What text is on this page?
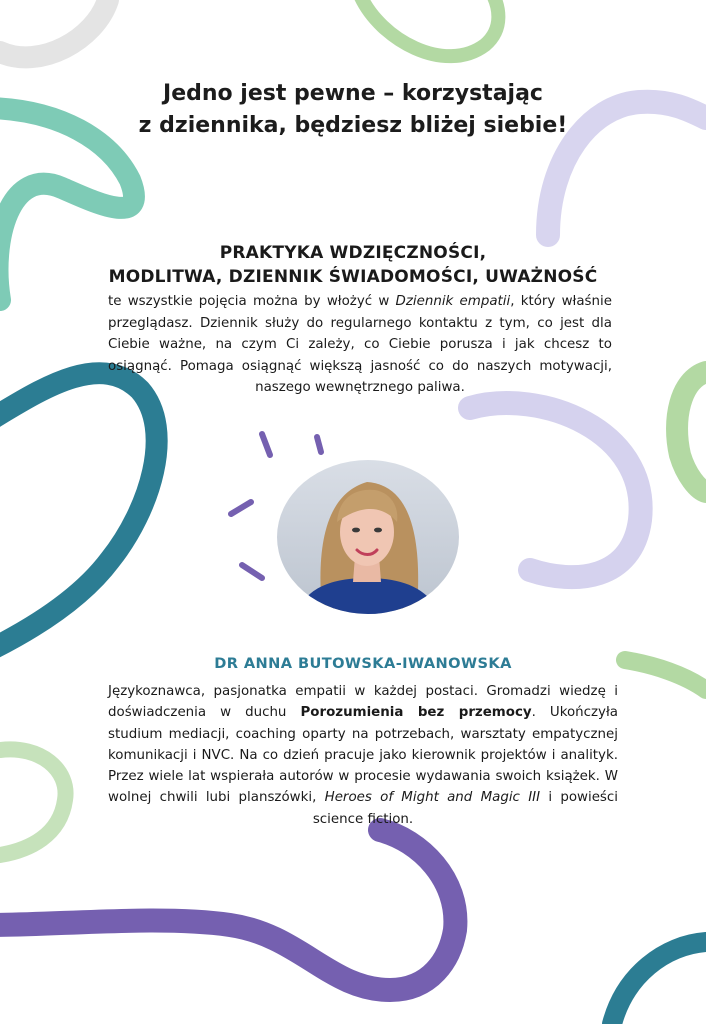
Jedno jest pewne – korzystając
z dziennika, będziesz bliżej siebie!
PRAKTYKA WDZIĘCZNOŚCI,
MODLITWA, DZIENNIK ŚWIADOMOŚCI, UWAŻNOŚĆ

te wszystkie pojęcia można by włożyć w Dziennik empatii, który właśnie przeglądasz. Dziennik służy do regularnego kontaktu z tym, co jest dla Ciebie ważne, na czym Ci zależy, co Ciebie porusza i jak chcesz to osiągnąć. Pomaga osiągnąć większą jasność co do naszych motywacji, naszego wewnętrznego paliwa.

DR ANNA BUTOWSKA-IWANOWSKA

Językoznawca, pasjonatka empatii w każdej postaci. Gromadzi wiedzę i doświadczenia w duchu Porozumienia bez przemocy. Ukończyła studium mediacji, coaching oparty na potrzebach, warsztaty empatycznej komunikacji i NVC. Na co dzień pracuje jako kierownik projektów i analityk. Przez wiele lat wspierała autorów w procesie wydawania swoich książek. W wolnej chwili lubi planszówki, Heroes of Might and Magic III i powieści science fiction.
